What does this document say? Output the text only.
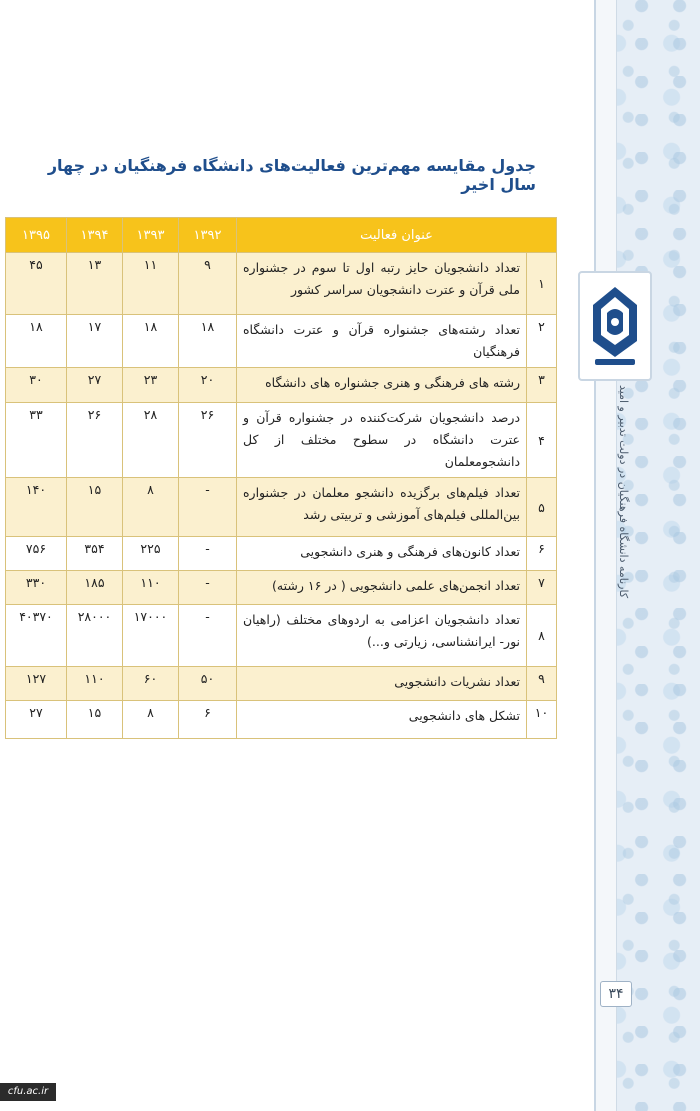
کارنامه دانشگاه فرهنگیان در دولت تدبیر و امید
۳۴
جدول مقایسه مهم‌ترین فعالیت‌های دانشگاه فرهنگیان در چهار سال اخیر
عنوان فعالیت		۱۳۹۲	۱۳۹۳	۱۳۹۴	۱۳۹۵
۱	تعداد دانشجویان حایز رتبه اول تا سوم در جشنواره ملی قرآن و عترت دانشجویان سراسر کشور	۹	۱۱	۱۳	۴۵
۲	تعداد رشته‌های جشنواره قرآن و عترت دانشگاه فرهنگیان	۱۸	۱۸	۱۷	۱۸
۳	رشته های فرهنگی و هنری جشنواره های دانشگاه	۲۰	۲۳	۲۷	۳۰
۴	درصد دانشجویان شرکت‌کننده در جشنواره قرآن و عترت دانشگاه در سطوح مختلف از کل دانشجومعلمان	۲۶	۲۸	۲۶	۳۳
۵	تعداد فیلم‌های برگزیده دانشجو معلمان در جشنواره بین‌المللی فیلم‌های آموزشی و تربیتی رشد	-	۸	۱۵	۱۴۰
۶	تعداد کانون‌های فرهنگی و هنری دانشجویی	-	۲۲۵	۳۵۴	۷۵۶
۷	تعداد انجمن‌های علمی دانشجویی ( در ۱۶ رشته)	-	۱۱۰	۱۸۵	۳۳۰
۸	تعداد دانشجویان اعزامی به اردوهای مختلف (راهیان نور- ایرانشناسی، زیارتی و...)	-	۱۷۰۰۰	۲۸۰۰۰	۴۰۳۷۰
۹	تعداد نشریات دانشجویی	۵۰	۶۰	۱۱۰	۱۲۷
۱۰	تشکل های دانشجویی	۶	۸	۱۵	۲۷
cfu.ac.ir
